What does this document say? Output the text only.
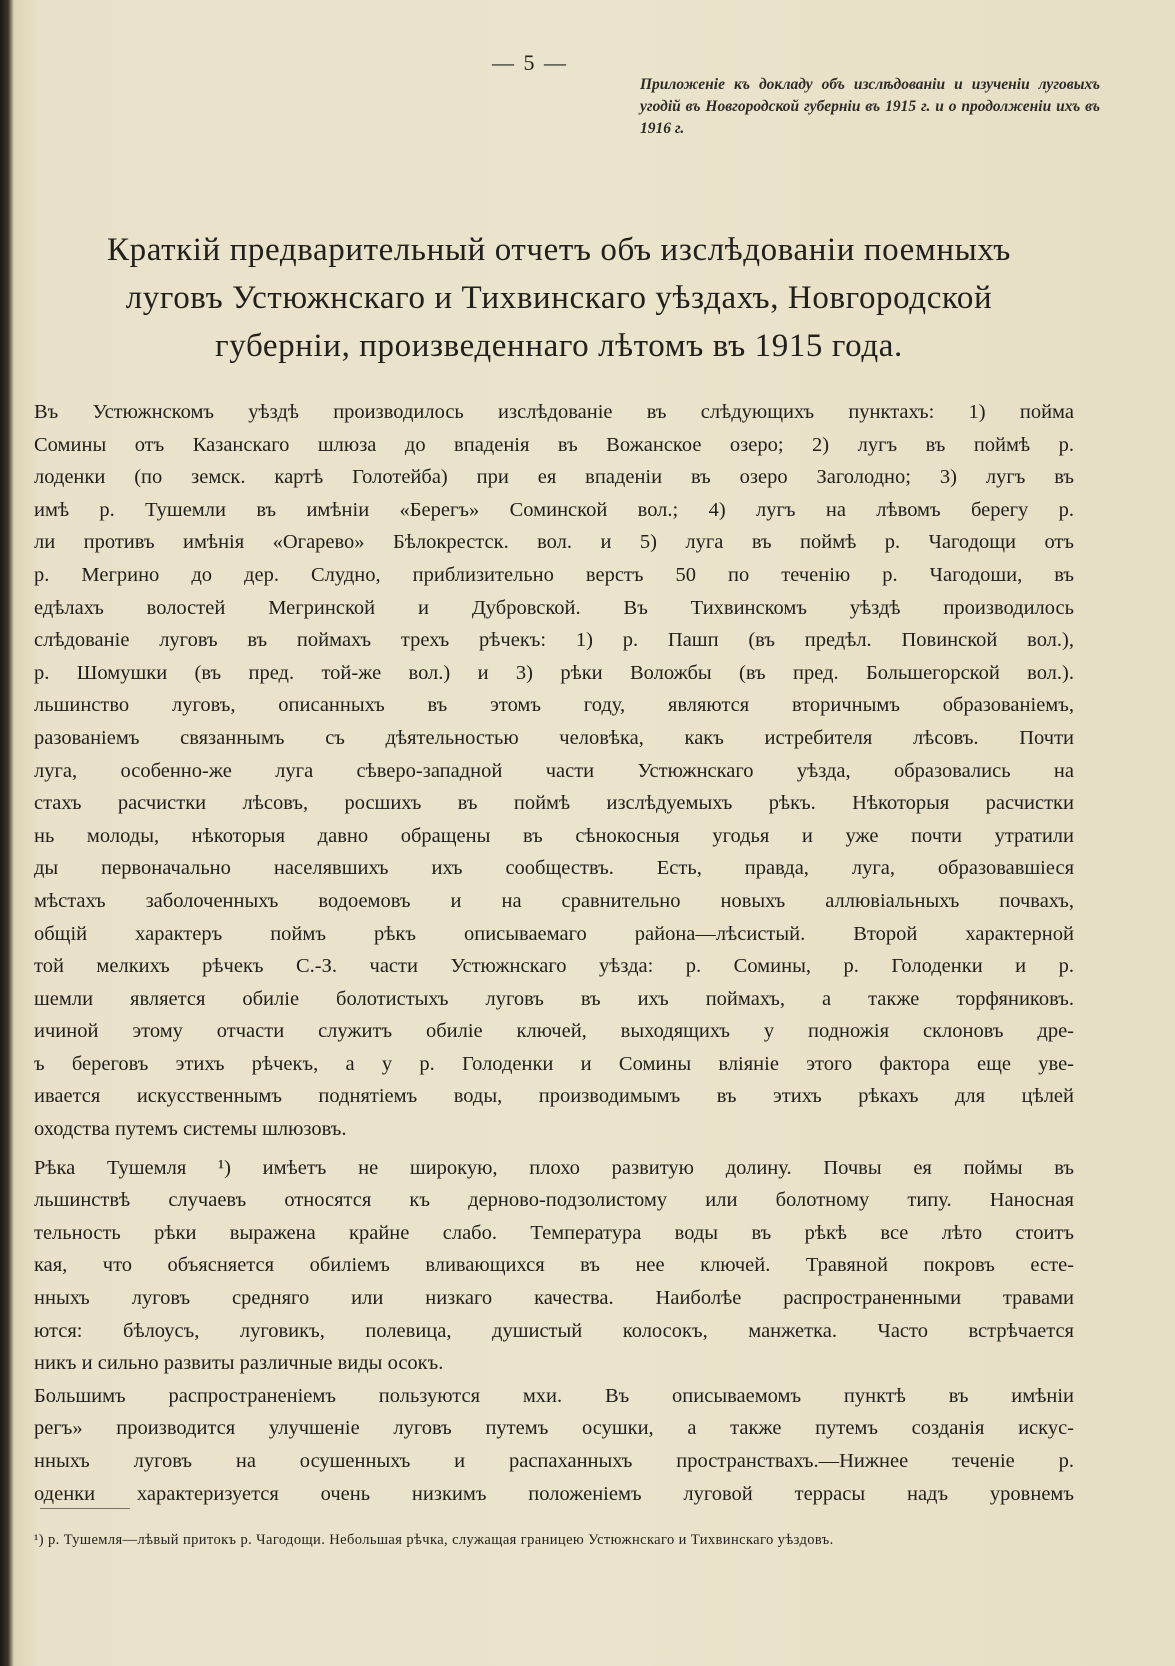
— 5 —
Приложеніе къ докладу объ изслѣдованіи и изученіи луговыхъ угодій въ Новгородской губерніи въ 1915 г. и о продолженіи ихъ въ 1916 г.
Краткій предварительный отчетъ объ изслѣдованіи поемныхъ
луговъ Устюжнскаго и Тихвинскаго уѣздахъ, Новгородской
губерніи, произведеннаго лѣтомъ въ 1915 года.
Въ Устюжнскомъ уѣздѣ производилось изслѣдованіе въ слѣдующихъ пунктахъ: 1) пойма
Сомины отъ Казанскаго шлюза до впаденія въ Вожанское озеро; 2) лугъ въ поймѣ р.
лоденки (по земск. картѣ Голотейба) при ея впаденіи въ озеро Заголодно; 3) лугъ въ
имѣ р. Тушемли въ имѣніи «Берегъ» Соминской вол.; 4) лугъ на лѣвомъ берегу р.
ли противъ имѣнія «Огарево» Бѣлокрестск. вол. и 5) луга въ поймѣ р. Чагодощи отъ
р. Мегрино до дер. Слудно, приблизительно верстъ 50 по теченію р. Чагодоши, въ
едѣлахъ волостей Мегринской и Дубровской. Въ Тихвинскомъ уѣздѣ производилось
слѣдованіе луговъ въ поймахъ трехъ рѣчекъ: 1) р. Пашп (въ предѣл. Повинской вол.),
р. Шомушки (въ пред. той-же вол.) и 3) рѣки Воложбы (въ пред. Большегорской вол.).
льшинство луговъ, описанныхъ въ этомъ году, являются вторичнымъ образованіемъ,
разованіемъ связаннымъ съ дѣятельностью человѣка, какъ истребителя лѣсовъ. Почти
луга, особенно-же луга сѣверо-западной части Устюжнскаго уѣзда, образовались на
стахъ расчистки лѣсовъ, росшихъ въ поймѣ изслѣдуемыхъ рѣкъ. Нѣкоторыя расчистки
нь молоды, нѣкоторыя давно обращены въ сѣнокосныя угодья и уже почти утратили
ды первоначально населявшихъ ихъ сообществъ. Есть, правда, луга, образовавшіеся
мѣстахъ заболоченныхъ водоемовъ и на сравнительно новыхъ аллювіальныхъ почвахъ,
общій характеръ поймъ рѣкъ описываемаго района—лѣсистый. Второй характерной
той мелкихъ рѣчекъ С.-З. части Устюжнскаго уѣзда: р. Сомины, р. Голоденки и р.
шемли является обиліе болотистыхъ луговъ въ ихъ поймахъ, а также торфяниковъ.
ичиной этому отчасти служитъ обиліе ключей, выходящихъ у подножія склоновъ дре-
ъ береговъ этихъ рѣчекъ, а у р. Голоденки и Сомины вліяніе этого фактора еще уве-
ивается искусственнымъ поднятіемъ воды, производимымъ въ этихъ рѣкахъ для цѣлей
оходства путемъ системы шлюзовъ.
Рѣка Тушемля ¹) имѣетъ не широкую, плохо развитую долину. Почвы ея поймы въ
льшинствѣ случаевъ относятся къ дерново-подзолистому или болотному типу. Наносная
тельность рѣки выражена крайне слабо. Температура воды въ рѣкѣ все лѣто стоитъ
кая, что объясняется обиліемъ вливающихся въ нее ключей. Травяной покровъ есте-
нныхъ луговъ средняго или низкаго качества. Наиболѣе распространенными травами
ются: бѣлоусъ, луговикъ, полевица, душистый колосокъ, манжетка. Часто встрѣчается
никъ и сильно развиты различные виды осокъ.
Большимъ распространеніемъ пользуются мхи. Въ описываемомъ пунктѣ въ имѣніи
регъ» производится улучшеніе луговъ путемъ осушки, а также путемъ созданія искус-
нныхъ луговъ на осушенныхъ и распаханныхъ пространствахъ.—Нижнее теченіе р.
оденки характеризуется очень низкимъ положеніемъ луговой террасы надъ уровнемъ
¹) р. Тушемля—лѣвый притокъ р. Чагодощи. Небольшая рѣчка, служащая границею Устюжнскаго и Тихвинскаго уѣздовъ.
